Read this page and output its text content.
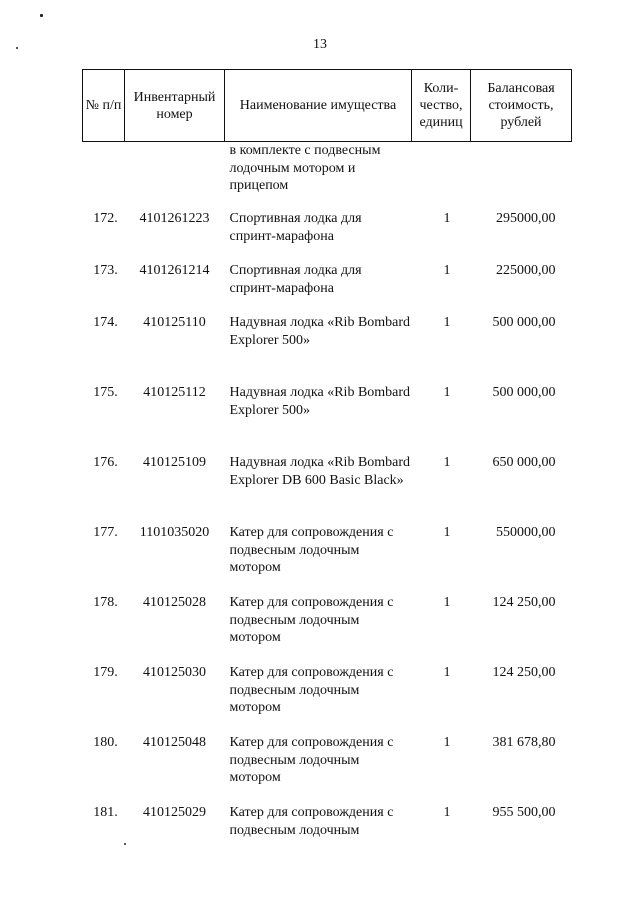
13
№ п/п	Инвентарный номер	Наименование имущества	Коли-чество, единиц	Балансовая стоимость, рублей
		в комплекте с подвесным лодочным мотором и прицепом		
172.	4101261223	Спортивная лодка для спринт-марафона	1	295000,00
173.	4101261214	Спортивная лодка для спринт-марафона	1	225000,00
174.	410125110	Надувная лодка «Rib Bombard Explorer 500»	1	500 000,00
175.	410125112	Надувная лодка «Rib Bombard Explorer 500»	1	500 000,00
176.	410125109	Надувная лодка «Rib Bombard Explorer DB 600 Basic Black»	1	650 000,00
177.	1101035020	Катер для сопровождения с подвесным лодочным мотором	1	550000,00
178.	410125028	Катер для сопровождения с подвесным лодочным мотором	1	124 250,00
179.	410125030	Катер для сопровождения с подвесным лодочным мотором	1	124 250,00
180.	410125048	Катер для сопровождения с подвесным лодочным мотором	1	381 678,80
181.	410125029	Катер для сопровождения с подвесным лодочным	1	955 500,00
